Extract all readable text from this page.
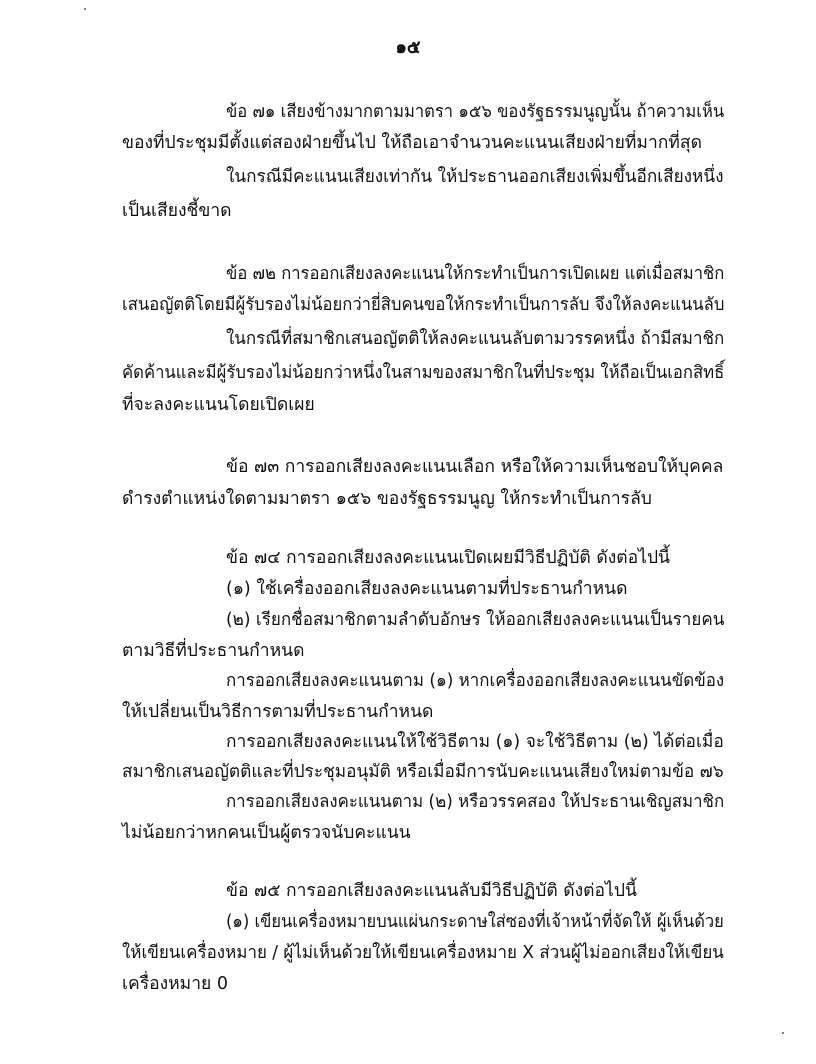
๑๕
ข้อ ๗๑ เสียงข้างมากตามมาตรา ๑๕๖ ของรัฐธรรมนูญนั้น ถ้าความเห็น
ของที่ประชุมมีตั้งแต่สองฝ่ายขึ้นไป ให้ถือเอาจำนวนคะแนนเสียงฝ่ายที่มากที่สุด
ในกรณีมีคะแนนเสียงเท่ากัน ให้ประธานออกเสียงเพิ่มขึ้นอีกเสียงหนึ่ง
เป็นเสียงชี้ขาด
ข้อ ๗๒ การออกเสียงลงคะแนนให้กระทำเป็นการเปิดเผย แต่เมื่อสมาชิก
เสนอญัตติโดยมีผู้รับรองไม่น้อยกว่ายี่สิบคนขอให้กระทำเป็นการลับ จึงให้ลงคะแนนลับ
ในกรณีที่สมาชิกเสนอญัตติให้ลงคะแนนลับตามวรรคหนึ่ง ถ้ามีสมาชิก
คัดค้านและมีผู้รับรองไม่น้อยกว่าหนึ่งในสามของสมาชิกในที่ประชุม ให้ถือเป็นเอกสิทธิ์
ที่จะลงคะแนนโดยเปิดเผย
ข้อ ๗๓ การออกเสียงลงคะแนนเลือก หรือให้ความเห็นชอบให้บุคคล
ดำรงตำแหน่งใดตามมาตรา ๑๕๖ ของรัฐธรรมนูญ ให้กระทำเป็นการลับ
ข้อ ๗๔ การออกเสียงลงคะแนนเปิดเผยมีวิธีปฏิบัติ ดังต่อไปนี้
(๑) ใช้เครื่องออกเสียงลงคะแนนตามที่ประธานกำหนด
(๒) เรียกชื่อสมาชิกตามลำดับอักษร ให้ออกเสียงลงคะแนนเป็นรายคน
ตามวิธีที่ประธานกำหนด
การออกเสียงลงคะแนนตาม (๑) หากเครื่องออกเสียงลงคะแนนขัดข้อง
ให้เปลี่ยนเป็นวิธีการตามที่ประธานกำหนด
การออกเสียงลงคะแนนให้ใช้วิธีตาม (๑) จะใช้วิธีตาม (๒) ได้ต่อเมื่อ
สมาชิกเสนอญัตติและที่ประชุมอนุมัติ หรือเมื่อมีการนับคะแนนเสียงใหม่ตามข้อ ๗๖
การออกเสียงลงคะแนนตาม (๒) หรือวรรคสอง ให้ประธานเชิญสมาชิก
ไม่น้อยกว่าหกคนเป็นผู้ตรวจนับคะแนน
ข้อ ๗๕ การออกเสียงลงคะแนนลับมีวิธีปฏิบัติ ดังต่อไปนี้
(๑) เขียนเครื่องหมายบนแผ่นกระดาษใส่ซองที่เจ้าหน้าที่จัดให้ ผู้เห็นด้วย
ให้เขียนเครื่องหมาย / ผู้ไม่เห็นด้วยให้เขียนเครื่องหมาย X ส่วนผู้ไม่ออกเสียงให้เขียน
เครื่องหมาย 0
